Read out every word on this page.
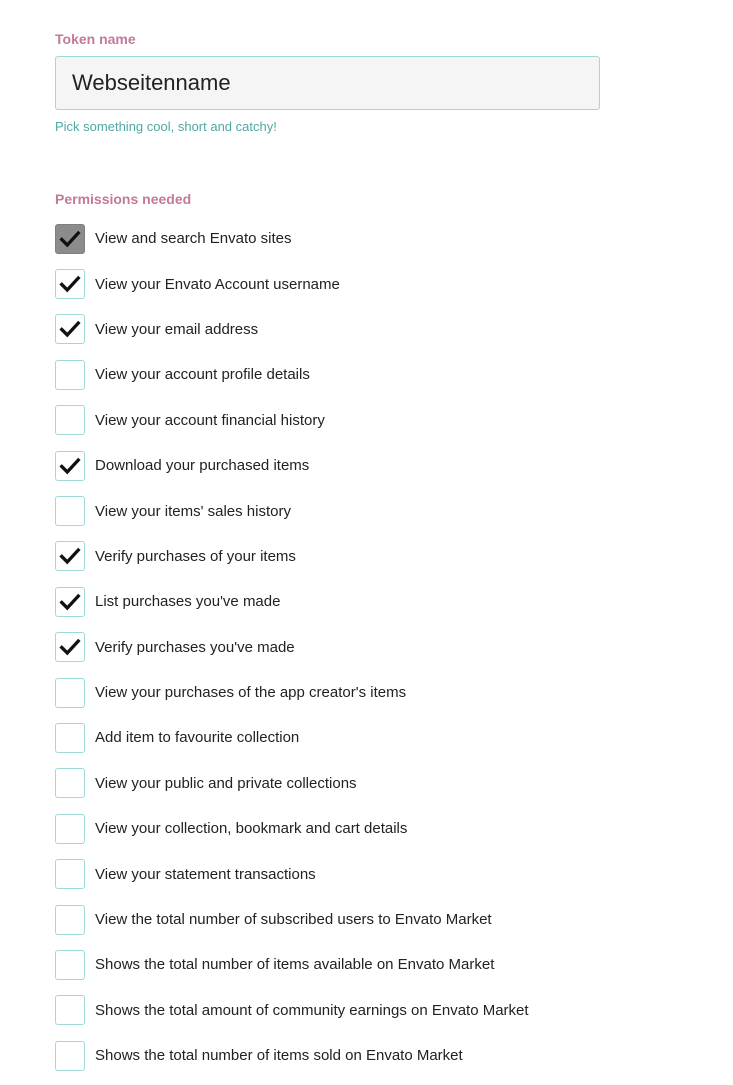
Token name

Webseitenname

Pick something cool, short and catchy!

Permissions needed

View and search Envato sites
View your Envato Account username
View your email address
View your account profile details
View your account financial history
Download your purchased items
View your items' sales history
Verify purchases of your items
List purchases you've made
Verify purchases you've made
View your purchases of the app creator's items
Add item to favourite collection
View your public and private collections
View your collection, bookmark and cart details
View your statement transactions
View the total number of subscribed users to Envato Market
Shows the total number of items available on Envato Market
Shows the total amount of community earnings on Envato Market
Shows the total number of items sold on Envato Market
